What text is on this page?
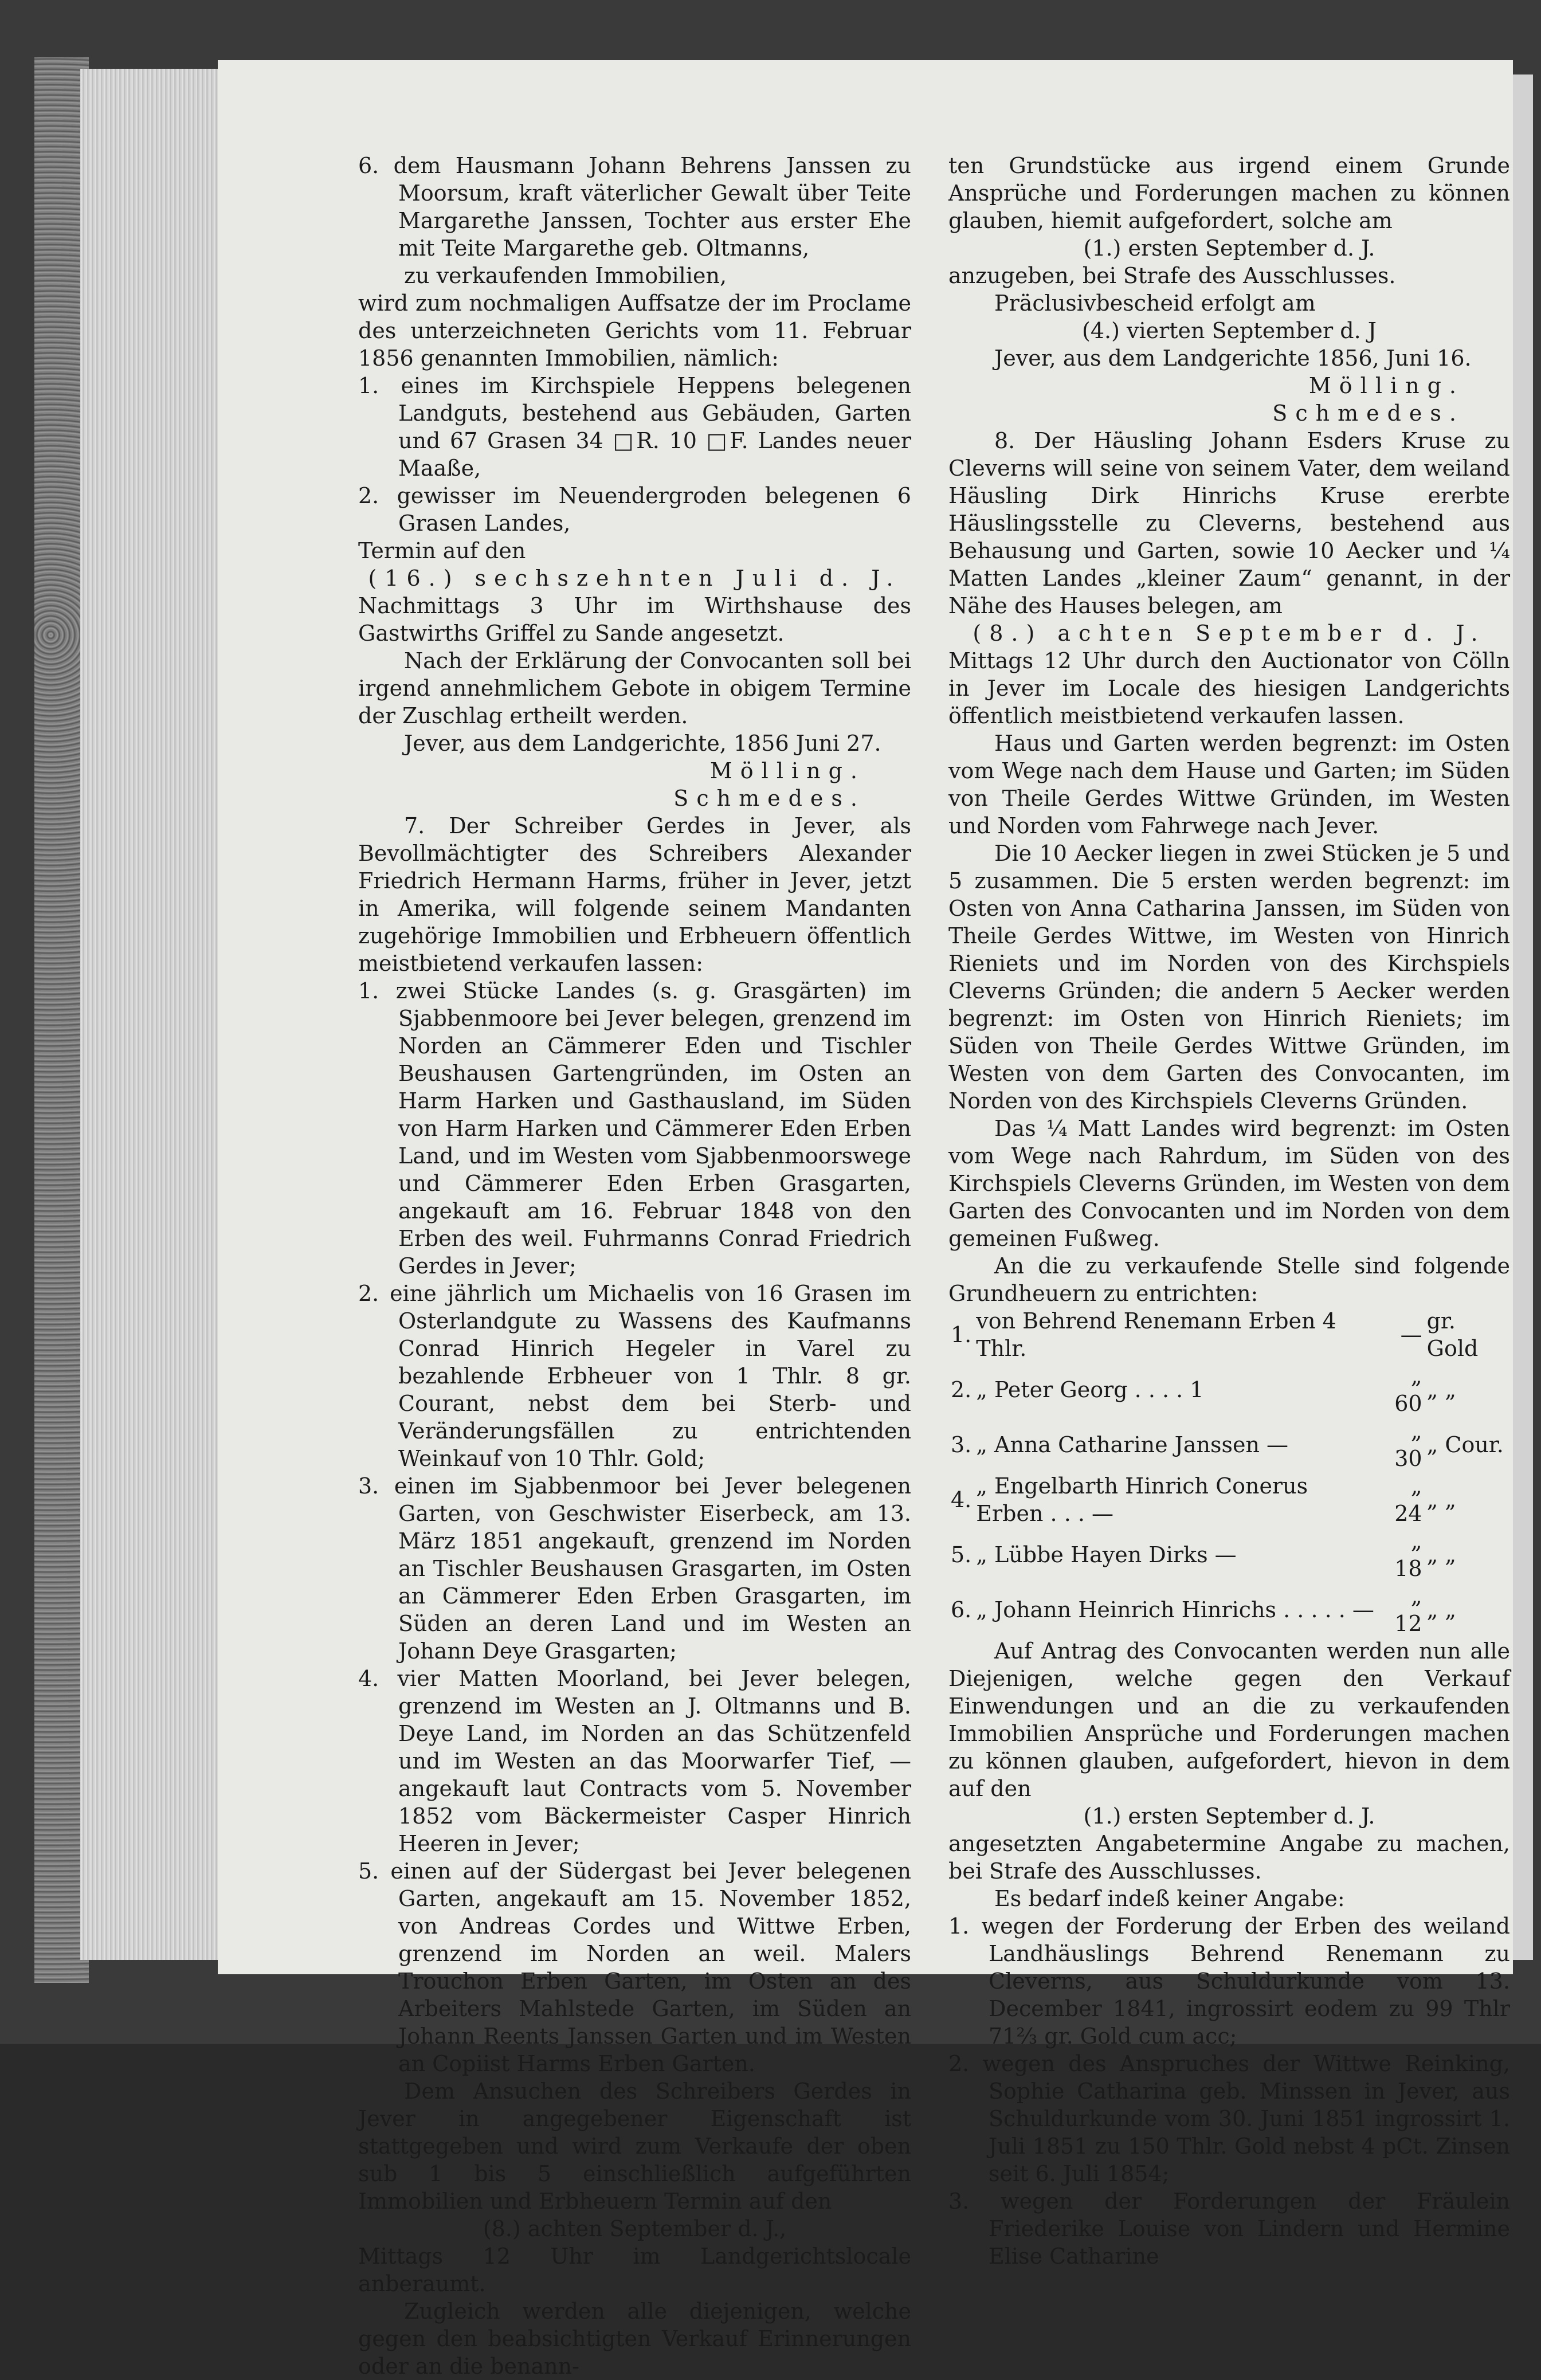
6. dem Hausmann Johann Behrens Janssen zu Moorsum, kraft väterlicher Gewalt über Teite Margarethe Janssen, Tochter aus erster Ehe mit Teite Margarethe geb. Oltmanns,

zu verkaufenden Immobilien,

wird zum nochmaligen Auffsatze der im Proclame des unterzeichneten Gerichts vom 11. Februar 1856 genannten Immobilien, nämlich:

1. eines im Kirchspiele Heppens belegenen Landguts, bestehend aus Gebäuden, Garten und 67 Grasen 34 □R. 10 □F. Landes neuer Maaße,

2. gewisser im Neuendergroden belegenen 6 Grasen Landes,

Termin auf den

(16.) sechszehnten Juli d. J.

Nachmittags 3 Uhr im Wirthshause des Gastwirths Griffel zu Sande angesetzt.

Nach der Erklärung der Convocanten soll bei irgend annehmlichem Gebote in obigem Termine der Zuschlag ertheilt werden.

Jever, aus dem Landgerichte, 1856 Juni 27.

Mölling.

Schmedes.

7. Der Schreiber Gerdes in Jever, als Bevollmächtigter des Schreibers Alexander Friedrich Hermann Harms, früher in Jever, jetzt in Amerika, will folgende seinem Mandanten zugehörige Immobilien und Erbheuern öffentlich meistbietend verkaufen lassen:

1. zwei Stücke Landes (s. g. Grasgärten) im Sjabbenmoore bei Jever belegen, grenzend im Norden an Cämmerer Eden und Tischler Beushausen Gartengründen, im Osten an Harm Harken und Gasthausland, im Süden von Harm Harken und Cämmerer Eden Erben Land, und im Westen vom Sjabbenmoorswege und Cämmerer Eden Erben Grasgarten, angekauft am 16. Februar 1848 von den Erben des weil. Fuhrmanns Conrad Friedrich Gerdes in Jever;

2. eine jährlich um Michaelis von 16 Grasen im Osterlandgute zu Wassens des Kaufmanns Conrad Hinrich Hegeler in Varel zu bezahlende Erbheuer von 1 Thlr. 8 gr. Courant, nebst dem bei Sterb- und Veränderungsfällen zu entrichtenden Weinkauf von 10 Thlr. Gold;

3. einen im Sjabbenmoor bei Jever belegenen Garten, von Geschwister Eiserbeck, am 13. März 1851 angekauft, grenzend im Norden an Tischler Beushausen Grasgarten, im Osten an Cämmerer Eden Erben Grasgarten, im Süden an deren Land und im Westen an Johann Deye Grasgarten;

4. vier Matten Moorland, bei Jever belegen, grenzend im Westen an J. Oltmanns und B. Deye Land, im Norden an das Schützenfeld und im Westen an das Moorwarfer Tief, — angekauft laut Contracts vom 5. November 1852 vom Bäckermeister Casper Hinrich Heeren in Jever;

5. einen auf der Südergast bei Jever belegenen Garten, angekauft am 15. November 1852, von Andreas Cordes und Wittwe Erben, grenzend im Norden an weil. Malers Trouchon Erben Garten, im Osten an des Arbeiters Mahlstede Garten, im Süden an Johann Reents Janssen Garten und im Westen an Copiist Harms Erben Garten.

Dem Ansuchen des Schreibers Gerdes in Jever in angegebener Eigenschaft ist stattgegeben und wird zum Verkaufe der oben sub 1 bis 5 einschließlich aufgeführten Immobilien und Erbheuern Termin auf den

(8.) achten September d. J.,

Mittags 12 Uhr im Landgerichtslocale anberaumt.

Zugleich werden alle diejenigen, welche gegen den beabsichtigten Verkauf Erinnerungen oder an die benann-

ten Grundstücke aus irgend einem Grunde Ansprüche und Forderungen machen zu können glauben, hiemit aufgefordert, solche am

(1.) ersten September d. J.

anzugeben, bei Strafe des Ausschlusses.

Präclusivbescheid erfolgt am

(4.) vierten September d. J

Jever, aus dem Landgerichte 1856, Juni 16.

Mölling.

Schmedes.

8. Der Häusling Johann Esders Kruse zu Cleverns will seine von seinem Vater, dem weiland Häusling Dirk Hinrichs Kruse ererbte Häuslingsstelle zu Cleverns, bestehend aus Behausung und Garten, sowie 10 Aecker und ¼ Matten Landes „kleiner Zaum“ genannt, in der Nähe des Hauses belegen, am

(8.) achten September d. J.

Mittags 12 Uhr durch den Auctionator von Cölln in Jever im Locale des hiesigen Landgerichts öffentlich meistbietend verkaufen lassen.

Haus und Garten werden begrenzt: im Osten vom Wege nach dem Hause und Garten; im Süden von Theile Gerdes Wittwe Gründen, im Westen und Norden vom Fahrwege nach Jever.

Die 10 Aecker liegen in zwei Stücken je 5 und 5 zusammen. Die 5 ersten werden begrenzt: im Osten von Anna Catharina Janssen, im Süden von Theile Gerdes Wittwe, im Westen von Hinrich Rieniets und im Norden von des Kirchspiels Cleverns Gründen; die andern 5 Aecker werden begrenzt: im Osten von Hinrich Rieniets; im Süden von Theile Gerdes Wittwe Gründen, im Westen von dem Garten des Convocanten, im Norden von des Kirchspiels Cleverns Gründen.

Das ¼ Matt Landes wird begrenzt: im Osten vom Wege nach Rahrdum, im Süden von des Kirchspiels Cleverns Gründen, im Westen von dem Garten des Convocanten und im Norden von dem gemeinen Fußweg.

An die zu verkaufende Stelle sind folgende Grundheuern zu entrichten:

1.	von Behrend Renemann Erben 4 Thlr.	—	gr. Gold
2.	„ Peter Georg . . . . 1	„ 60	„ „
3.	„ Anna Catharine Janssen —	„ 30	„ Cour.
4.	„ Engelbarth Hinrich Conerus Erben . . . —	„ 24	„ „
5.	„ Lübbe Hayen Dirks —	„ 18	„ „
6.	„ Johann Heinrich Hinrichs . . . . . —	„ 12	„ „

Auf Antrag des Convocanten werden nun alle Diejenigen, welche gegen den Verkauf Einwendungen und an die zu verkaufenden Immobilien Ansprüche und Forderungen machen zu können glauben, aufgefordert, hievon in dem auf den

(1.) ersten September d. J.

angesetzten Angabetermine Angabe zu machen, bei Strafe des Ausschlusses.

Es bedarf indeß keiner Angabe:

1. wegen der Forderung der Erben des weiland Landhäuslings Behrend Renemann zu Cleverns, aus Schuldurkunde vom 13. December 1841, ingrossirt eodem zu 99 Thlr 71⅔ gr. Gold cum acc;

2. wegen des Anspruches der Wittwe Reinking, Sophie Catharina geb. Minssen in Jever, aus Schuldurkunde vom 30. Juni 1851 ingrossirt 1. Juli 1851 zu 150 Thlr. Gold nebst 4 pCt. Zinsen seit 6. Juli 1854;

3. wegen der Forderungen der Fräulein Friederike Louise von Lindern und Hermine Elise Catharine
